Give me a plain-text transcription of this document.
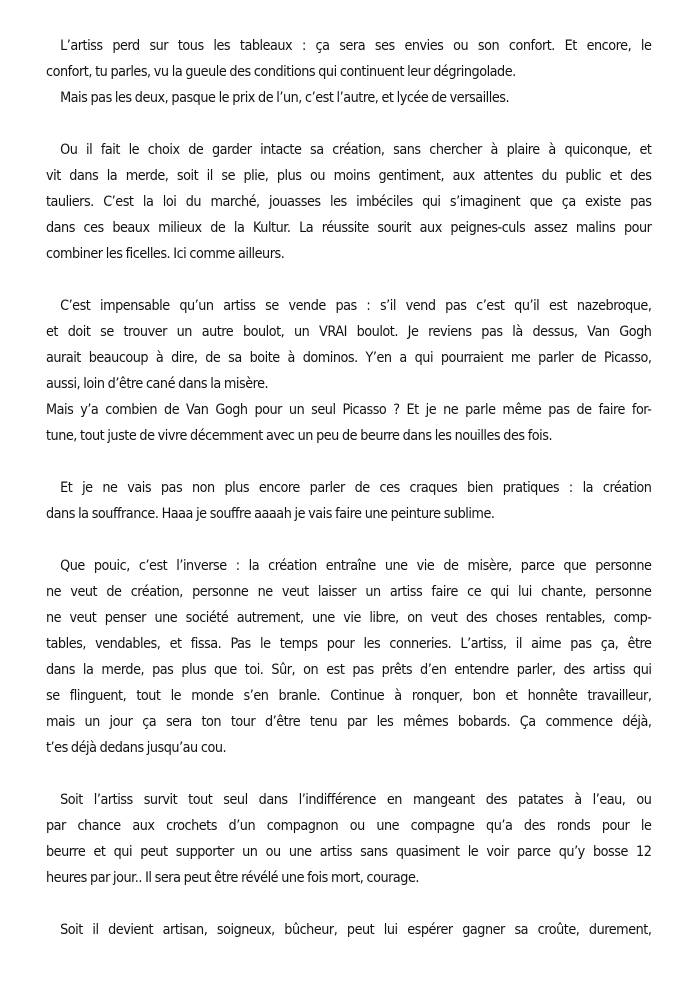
L’artiss perd sur tous les tableaux : ça sera ses envies ou son confort. Et encore, le
confort, tu parles, vu la gueule des conditions qui continuent leur dégringolade.
Mais pas les deux, pasque le prix de l’un, c’est l’autre, et lycée de versailles.
Ou il fait le choix de garder intacte sa création, sans chercher à plaire à quiconque, et
vit dans la merde, soit il se plie, plus ou moins gentiment, aux attentes du public et des
tauliers. C’est la loi du marché, jouasses les imbéciles qui s’imaginent que ça existe pas
dans ces beaux milieux de la Kultur. La réussite sourit aux peignes-culs assez malins pour
combiner les ficelles. Ici comme ailleurs.
C’est impensable qu’un artiss se vende pas : s’il vend pas c’est qu’il est nazebroque,
et doit se trouver un autre boulot, un VRAI boulot. Je reviens pas là dessus, Van Gogh
aurait beaucoup à dire, de sa boite à dominos. Y’en a qui pourraient me parler de Picasso,
aussi, loin d’être cané dans la misère.
Mais y’a combien de Van Gogh pour un seul Picasso ? Et je ne parle même pas de faire for-
tune, tout juste de vivre décemment avec un peu de beurre dans les nouilles des fois.
Et je ne vais pas non plus encore parler de ces craques bien pratiques : la création
dans la souffrance. Haaa je souffre aaaah je vais faire une peinture sublime.
Que pouic, c’est l’inverse : la création entraîne une vie de misère, parce que personne
ne veut de création, personne ne veut laisser un artiss faire ce qui lui chante, personne
ne veut penser une société autrement, une vie libre, on veut des choses rentables, comp-
tables, vendables, et fissa. Pas le temps pour les conneries. L’artiss, il aime pas ça, être
dans la merde, pas plus que toi. Sûr, on est pas prêts d’en entendre parler, des artiss qui
se flinguent, tout le monde s’en branle. Continue à ronquer, bon et honnête travailleur,
mais un jour ça sera ton tour d’être tenu par les mêmes bobards. Ça commence déjà,
t’es déjà dedans jusqu’au cou.
Soit l’artiss survit tout seul dans l’indifférence en mangeant des patates à l’eau, ou
par chance aux crochets d’un compagnon ou une compagne qu’a des ronds pour le
beurre et qui peut supporter un ou une artiss sans quasiment le voir parce qu’y bosse 12
heures par jour.. Il sera peut être révélé une fois mort, courage.
Soit il devient artisan, soigneux, bûcheur, peut lui espérer gagner sa croûte, durement,
